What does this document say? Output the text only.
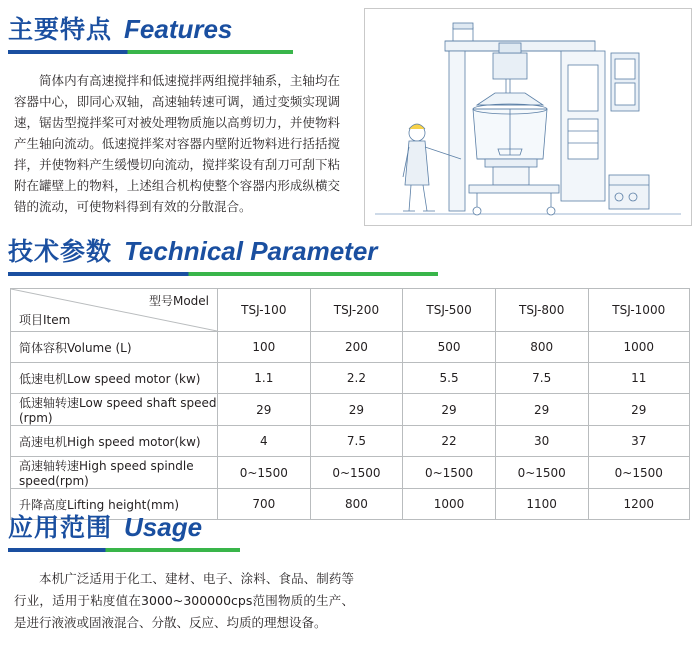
主要特点 Features

简体内有高速搅拌和低速搅拌两组搅拌轴系，主轴均在容器中心，即同心双轴，高速轴转速可调，通过变频实现调速，锯齿型搅拌桨可对被处理物质施以高剪切力，并使物料产生轴向流动。低速搅拌桨对容器内壁附近物料进行括括搅拌，并使物料产生缓慢切向流动，搅拌桨设有刮刀可刮下粘附在罐壁上的物料，上述组合机构使整个容器内形成纵横交错的流动，可使物料得到有效的分散混合。

技术参数 Technical Parameter
型号Model
项目Item	TSJ-100	TSJ-200	TSJ-500	TSJ-800	TSJ-1000
简体容积Volume (L)	100	200	500	800	1000
低速电机Low speed motor (kw)	1.1	2.2	5.5	7.5	11
低速轴转速Low speed shaft speed (rpm)	29	29	29	29	29
高速电机High speed motor(kw)	4	7.5	22	30	37
高速轴转速High speed spindle speed(rpm)	0~1500	0~1500	0~1500	0~1500	0~1500
升降高度Lifting height(mm)	700	800	1000	1100	1200
应用范围 Usage

本机广泛适用于化工、建材、电子、涂料、食品、制药等行业，适用于粘度值在3000~300000cps范围物质的生产、是进行液液或固液混合、分散、反应、均质的理想设备。
